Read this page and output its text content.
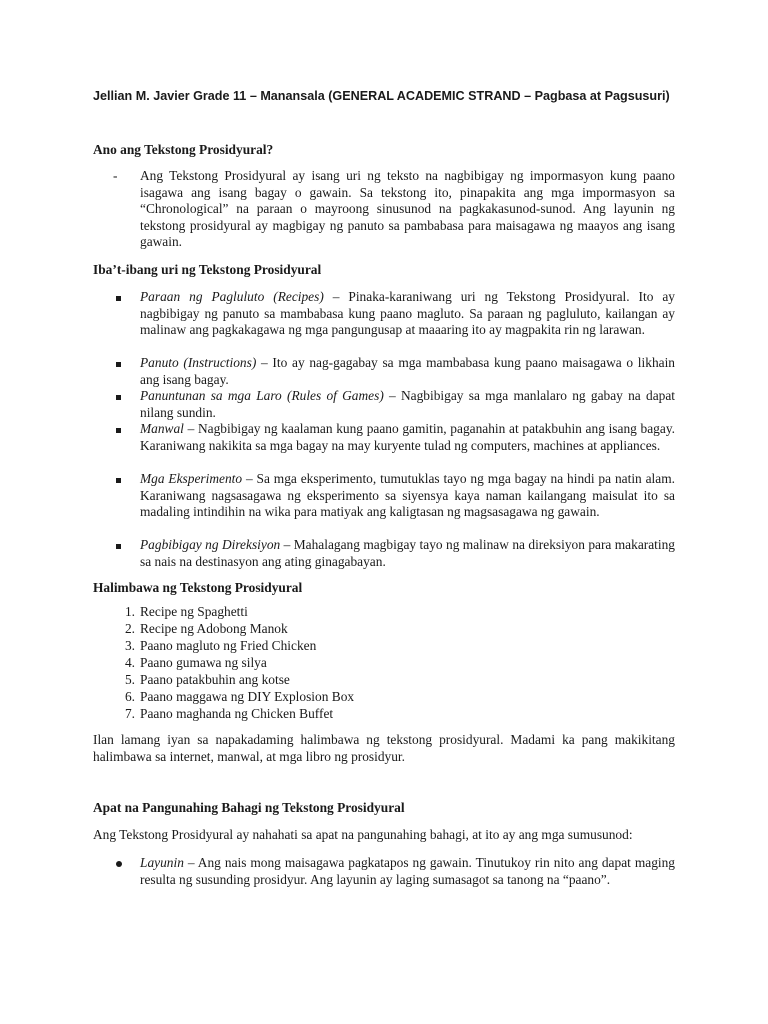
Jellian M. Javier Grade 11 – Manansala (GENERAL ACADEMIC STRAND – Pagbasa at Pagsusuri)
Ano ang Tekstong Prosidyural?
-	Ang Tekstong Prosidyural ay isang uri ng teksto na nagbibigay ng impormasyon kung paano isagawa ang isang bagay o gawain. Sa tekstong ito, pinapakita ang mga impormasyon sa “Chronological” na paraan o mayroong sinusunod na pagkakasunod-sunod. Ang layunin ng tekstong prosidyural ay magbigay ng panuto sa pambabasa para maisagawa ng maayos ang isang gawain.
Iba’t-ibang uri ng Tekstong Prosidyural
Paraan ng Pagluluto (Recipes) – Pinaka-karaniwang uri ng Tekstong Prosidyural. Ito ay nagbibigay ng panuto sa mambabasa kung paano magluto. Sa paraan ng pagluluto, kailangan ay malinaw ang pagkakagawa ng mga pangungusap at maaaring ito ay magpakita rin ng larawan.
Panuto (Instructions) – Ito ay nag-gagabay sa mga mambabasa kung paano maisagawa o likhain ang isang bagay.
Panuntunan sa mga Laro (Rules of Games) – Nagbibigay sa mga manlalaro ng gabay na dapat nilang sundin.
Manwal – Nagbibigay ng kaalaman kung paano gamitin, paganahin at patakbuhin ang isang bagay. Karaniwang nakikita sa mga bagay na may kuryente tulad ng computers, machines at appliances.
Mga Eksperimento – Sa mga eksperimento, tumutuklas tayo ng mga bagay na hindi pa natin alam. Karaniwang nagsasagawa ng eksperimento sa siyensya kaya naman kailangang maisulat ito sa madaling intindihin na wika para matiyak ang kaligtasan ng magsasagawa ng gawain.
Pagbibigay ng Direksiyon – Mahalagang magbigay tayo ng malinaw na direksiyon para makarating sa nais na destinasyon ang ating ginagabayan.
Halimbawa ng Tekstong Prosidyural
1. Recipe ng Spaghetti
2. Recipe ng Adobong Manok
3. Paano magluto ng Fried Chicken
4. Paano gumawa ng silya
5. Paano patakbuhin ang kotse
6. Paano maggawa ng DIY Explosion Box
7. Paano maghanda ng Chicken Buffet
Ilan lamang iyan sa napakadaming halimbawa ng tekstong prosidyural. Madami ka pang makikitang halimbawa sa internet, manwal, at mga libro ng prosidyur.
Apat na Pangunahing Bahagi ng Tekstong Prosidyural
Ang Tekstong Prosidyural ay nahahati sa apat na pangunahing bahagi, at ito ay ang mga sumusunod:
Layunin – Ang nais mong maisagawa pagkatapos ng gawain. Tinutukoy rin nito ang dapat maging resulta ng susunding prosidyur. Ang layunin ay laging sumasagot sa tanong na “paano”.
